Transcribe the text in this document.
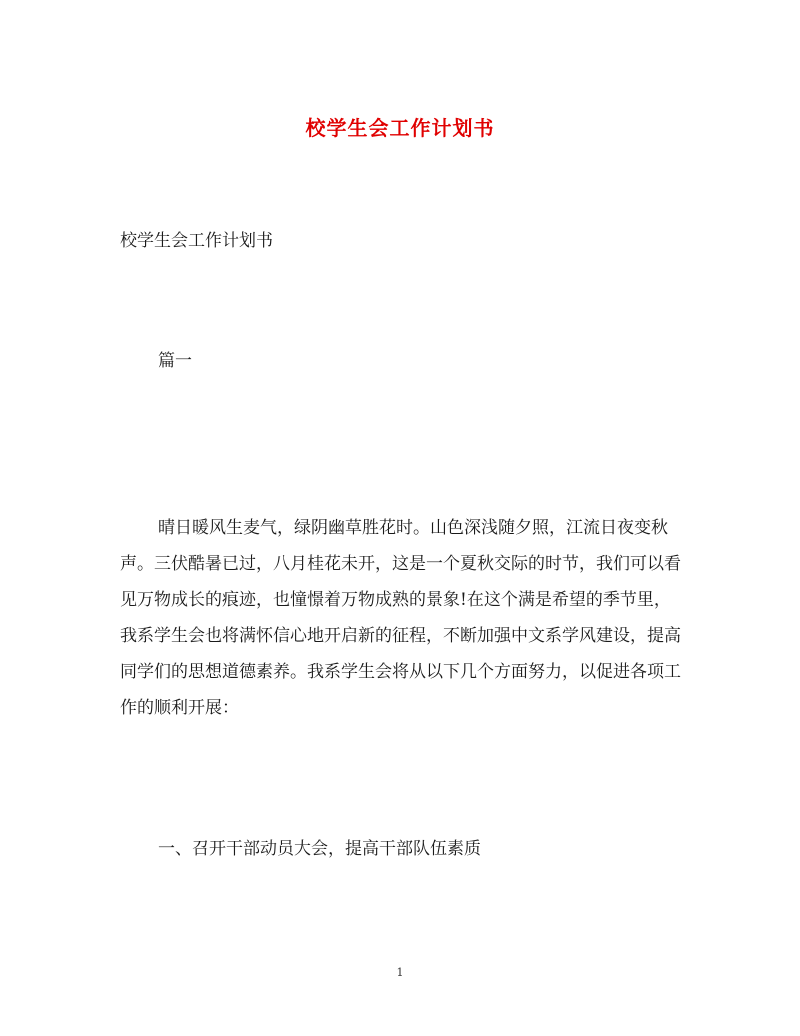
校学生会工作计划书

校学生会工作计划书

篇一

晴日暖风生麦气，绿阴幽草胜花时。山色深浅随夕照，江流日夜变秋声。三伏酷暑已过，八月桂花未开，这是一个夏秋交际的时节，我们可以看见万物成长的痕迹，也憧憬着万物成熟的景象!在这个满是希望的季节里，我系学生会也将满怀信心地开启新的征程，不断加强中文系学风建设，提高同学们的思想道德素养。我系学生会将从以下几个方面努力，以促进各项工作的顺利开展：

一、召开干部动员大会，提高干部队伍素质

1
